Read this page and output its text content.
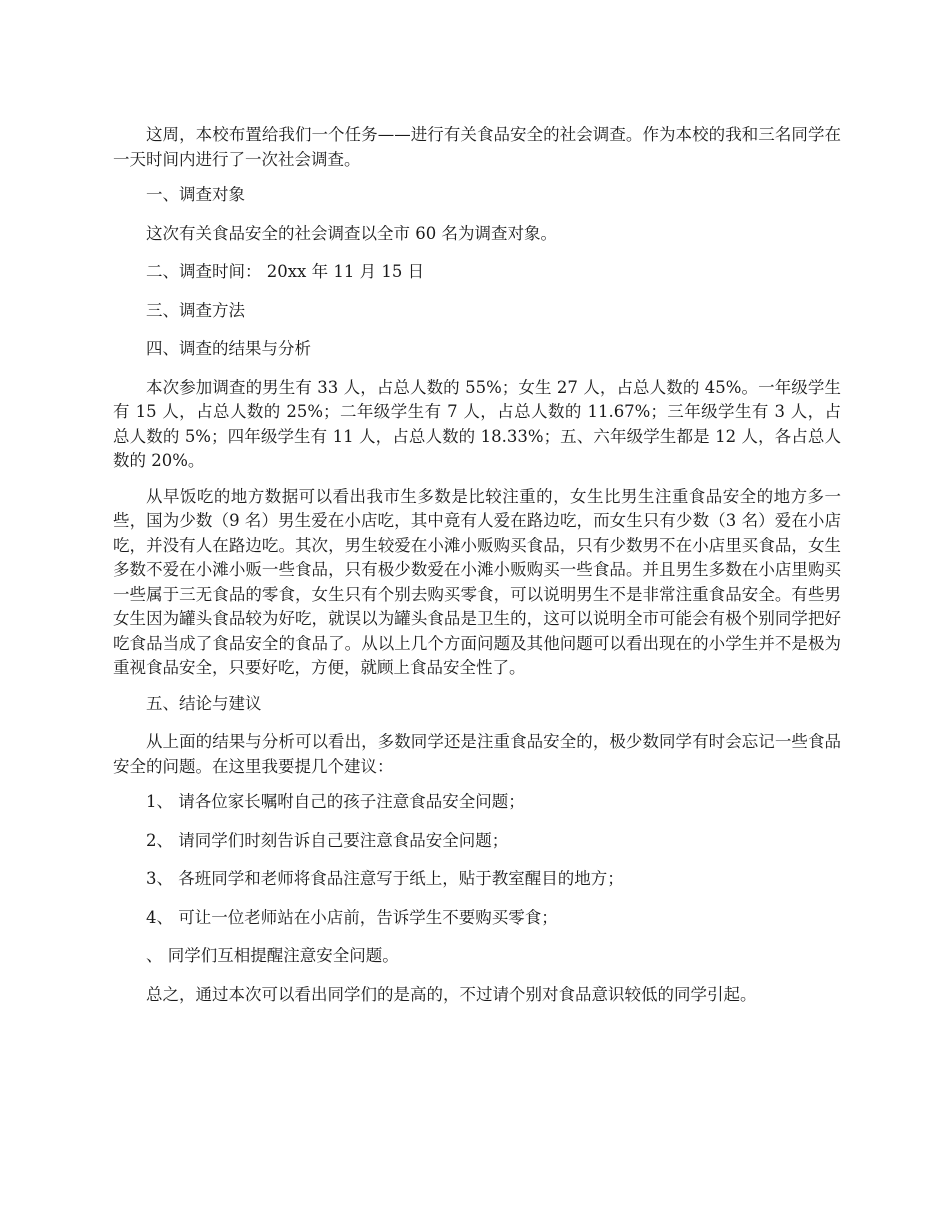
这周，本校布置给我们一个任务——进行有关食品安全的社会调查。作为本校的我和三名同学在一天时间内进行了一次社会调查。

一、调查对象

这次有关食品安全的社会调查以全市 60 名为调查对象。

二、调查时间： 20xx 年 11 月 15 日

三、调查方法

四、调查的结果与分析

本次参加调查的男生有 33 人，占总人数的 55%；女生 27 人，占总人数的 45%。一年级学生有 15 人，占总人数的 25%；二年级学生有 7 人，占总人数的 11.67%；三年级学生有 3 人，占总人数的 5%；四年级学生有 11 人，占总人数的 18.33%；五、六年级学生都是 12 人，各占总人数的 20%。

从早饭吃的地方数据可以看出我市生多数是比较注重的，女生比男生注重食品安全的地方多一些，国为少数（9 名）男生爱在小店吃，其中竟有人爱在路边吃，而女生只有少数（3 名）爱在小店吃，并没有人在路边吃。其次，男生较爱在小滩小贩购买食品，只有少数男不在小店里买食品，女生多数不爱在小滩小贩一些食品，只有极少数爱在小滩小贩购买一些食品。并且男生多数在小店里购买一些属于三无食品的零食，女生只有个别去购买零食，可以说明男生不是非常注重食品安全。有些男女生因为罐头食品较为好吃，就误以为罐头食品是卫生的，这可以说明全市可能会有极个别同学把好吃食品当成了食品安全的食品了。从以上几个方面问题及其他问题可以看出现在的小学生并不是极为重视食品安全，只要好吃，方便，就顾上食品安全性了。

五、结论与建议

从上面的结果与分析可以看出，多数同学还是注重食品安全的，极少数同学有时会忘记一些食品安全的问题。在这里我要提几个建议：

1、 请各位家长嘱咐自己的孩子注意食品安全问题；

2、 请同学们时刻告诉自己要注意食品安全问题；

3、 各班同学和老师将食品注意写于纸上，贴于教室醒目的地方；

4、 可让一位老师站在小店前，告诉学生不要购买零食；

、 同学们互相提醒注意安全问题。

总之，通过本次可以看出同学们的是高的，不过请个别对食品意识较低的同学引起。
